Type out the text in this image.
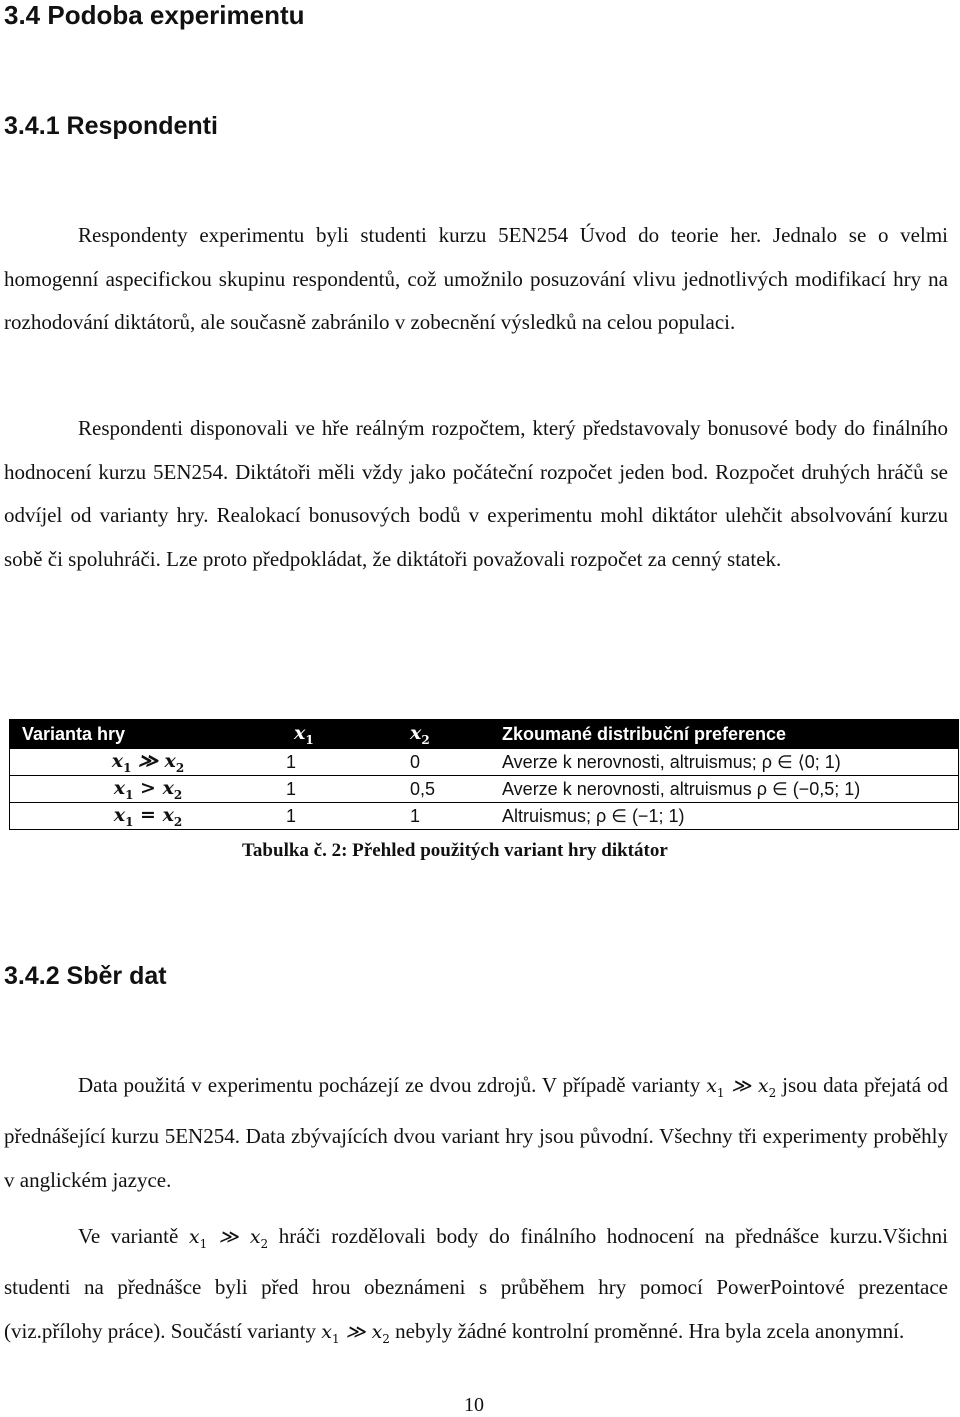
3.4 Podoba experimentu
3.4.1 Respondenti

Respondenty experimentu byli studenti kurzu 5EN254 Úvod do teorie her. Jednalo se o velmi homogenní aspecifickou skupinu respondentů, což umožnilo posuzování vlivu jednotlivých modifikací hry na rozhodování diktátorů, ale současně zabránilo v zobecnění výsledků na celou populaci.

Respondenti disponovali ve hře reálným rozpočtem, který představovaly bonusové body do finálního hodnocení kurzu 5EN254. Diktátoři měli vždy jako počáteční rozpočet jeden bod. Rozpočet druhých hráčů se odvíjel od varianty hry. Realokací bonusových bodů v experimentu mohl diktátor ulehčit absolvování kurzu sobě či spoluhráči. Lze proto předpokládat, že diktátoři považovali rozpočet za cenný statek.

Varianta hry	$x_1$	$x_2$	Zkoumané distribuční preference
$x_1$ ≫ $x_2$	1	0	Averze k nerovnosti, altruismus; ρ ∈ ⟨0; 1)
$x_1 > x_2$	1	0,5	Averze k nerovnosti, altruismus ρ ∈ (−0,5; 1)
$x_1 = x_2$	1	1	Altruismus; ρ ∈ (−1; 1)
Tabulka č. 2: Přehled použitých variant hry diktátor
3.4.2 Sběr dat

Data použitá v experimentu pocházejí ze dvou zdrojů. V případě varianty $x_1$ ≫ $x_2$ jsou data přejatá od přednášející kurzu 5EN254. Data zbývajících dvou variant hry jsou původní. Všechny tři experimenty proběhly v anglickém jazyce.

Ve variantě $x_1$ ≫ $x_2$ hráči rozdělovali body do finálního hodnocení na přednášce kurzu.Všichni studenti na přednášce byli před hrou obeznámeni s průběhem hry pomocí PowerPointové prezentace (viz.přílohy práce). Součástí varianty $x_1$ ≫ $x_2$ nebyly žádné kontrolní proměnné. Hra byla zcela anonymní.

10
